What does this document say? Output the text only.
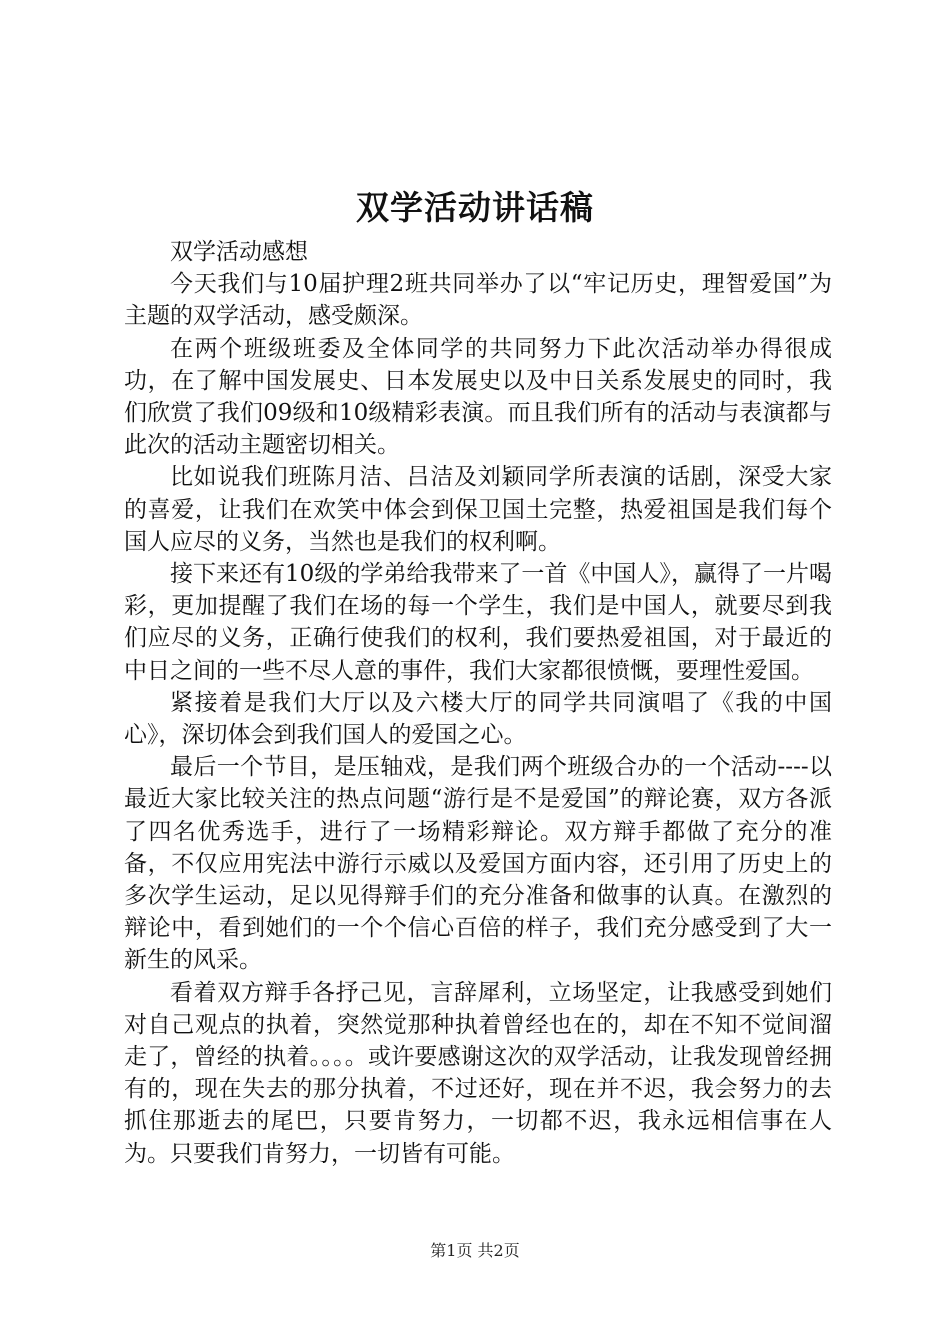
双学活动讲话稿

双学活动感想

今天我们与10届护理2班共同举办了以“牢记历史，理智爱国”为主题的双学活动，感受颇深。

在两个班级班委及全体同学的共同努力下此次活动举办得很成功，在了解中国发展史、日本发展史以及中日关系发展史的同时，我们欣赏了我们09级和10级精彩表演。而且我们所有的活动与表演都与此次的活动主题密切相关。

比如说我们班陈月洁、吕洁及刘颖同学所表演的话剧，深受大家的喜爱，让我们在欢笑中体会到保卫国土完整，热爱祖国是我们每个国人应尽的义务，当然也是我们的权利啊。

接下来还有10级的学弟给我带来了一首《中国人》，赢得了一片喝彩，更加提醒了我们在场的每一个学生，我们是中国人，就要尽到我们应尽的义务，正确行使我们的权利，我们要热爱祖国，对于最近的中日之间的一些不尽人意的事件，我们大家都很愤慨，要理性爱国。

紧接着是我们大厅以及六楼大厅的同学共同演唱了《我的中国心》，深切体会到我们国人的爱国之心。

最后一个节目，是压轴戏，是我们两个班级合办的一个活动----以最近大家比较关注的热点问题“游行是不是爱国”的辩论赛，双方各派了四名优秀选手，进行了一场精彩辩论。双方辩手都做了充分的准备，不仅应用宪法中游行示威以及爱国方面内容，还引用了历史上的多次学生运动，足以见得辩手们的充分准备和做事的认真。在激烈的辩论中，看到她们的一个个信心百倍的样子，我们充分感受到了大一新生的风采。

看着双方辩手各抒己见，言辞犀利，立场坚定，让我感受到她们对自己观点的执着，突然觉那种执着曾经也在的，却在不知不觉间溜走了，曾经的执着。。。。或许要感谢这次的双学活动，让我发现曾经拥有的，现在失去的那分执着，不过还好，现在并不迟，我会努力的去抓住那逝去的尾巴，只要肯努力，一切都不迟，我永远相信事在人为。只要我们肯努力，一切皆有可能。

第1页 共2页
